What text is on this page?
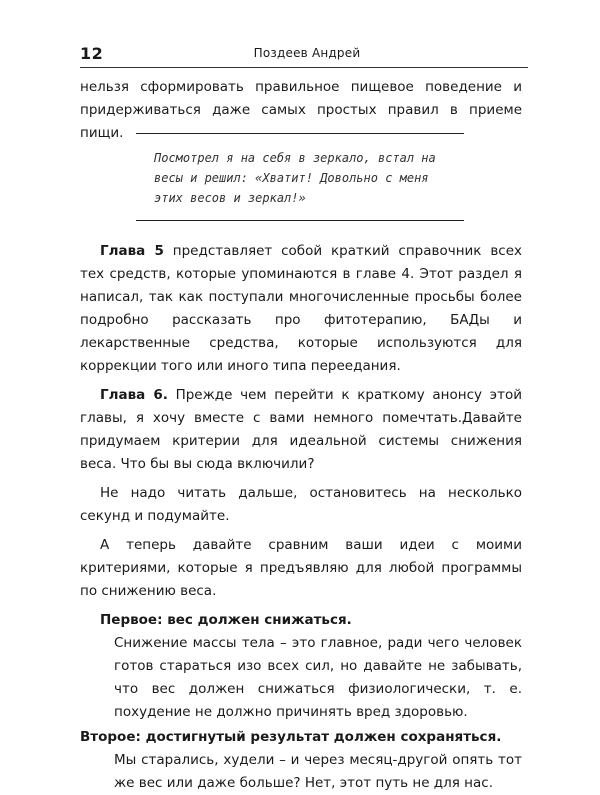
12	Поздеев Андрей

нельзя сформировать правильное пищевое поведение и придерживаться даже самых простых правил в приеме пищи.

Посмотрел я на себя в зеркало, встал на весы и решил: «Хватит! Довольно с меня этих весов и зеркал!»

Глава 5 представляет собой краткий справочник всех тех средств, которые упоминаются в главе 4. Этот раздел я написал, так как поступали многочисленные просьбы более подробно рассказать про фитотерапию, БАДы и лекарственные средства, которые используются для коррекции того или иного типа переедания.

Глава 6. Прежде чем перейти к краткому анонсу этой главы, я хочу вместе с вами немного помечтать.Давайте придумаем критерии для идеальной системы снижения веса. Что бы вы сюда включили?

Не надо читать дальше, остановитесь на несколько секунд и подумайте.

А теперь давайте сравним ваши идеи с моими критериями, которые я предъявляю для любой программы по снижению веса.

Первое: вес должен снижаться.

Снижение массы тела – это главное, ради чего человек готов стараться изо всех сил, но давайте не забывать, что вес должен снижаться физиологически, т. е. похудение не должно причинять вред здоровью.

Второе: достигнутый результат должен сохраняться.

Мы старались, худели – и через месяц-другой опять тот же вес или даже больше? Нет, этот путь не для нас.
